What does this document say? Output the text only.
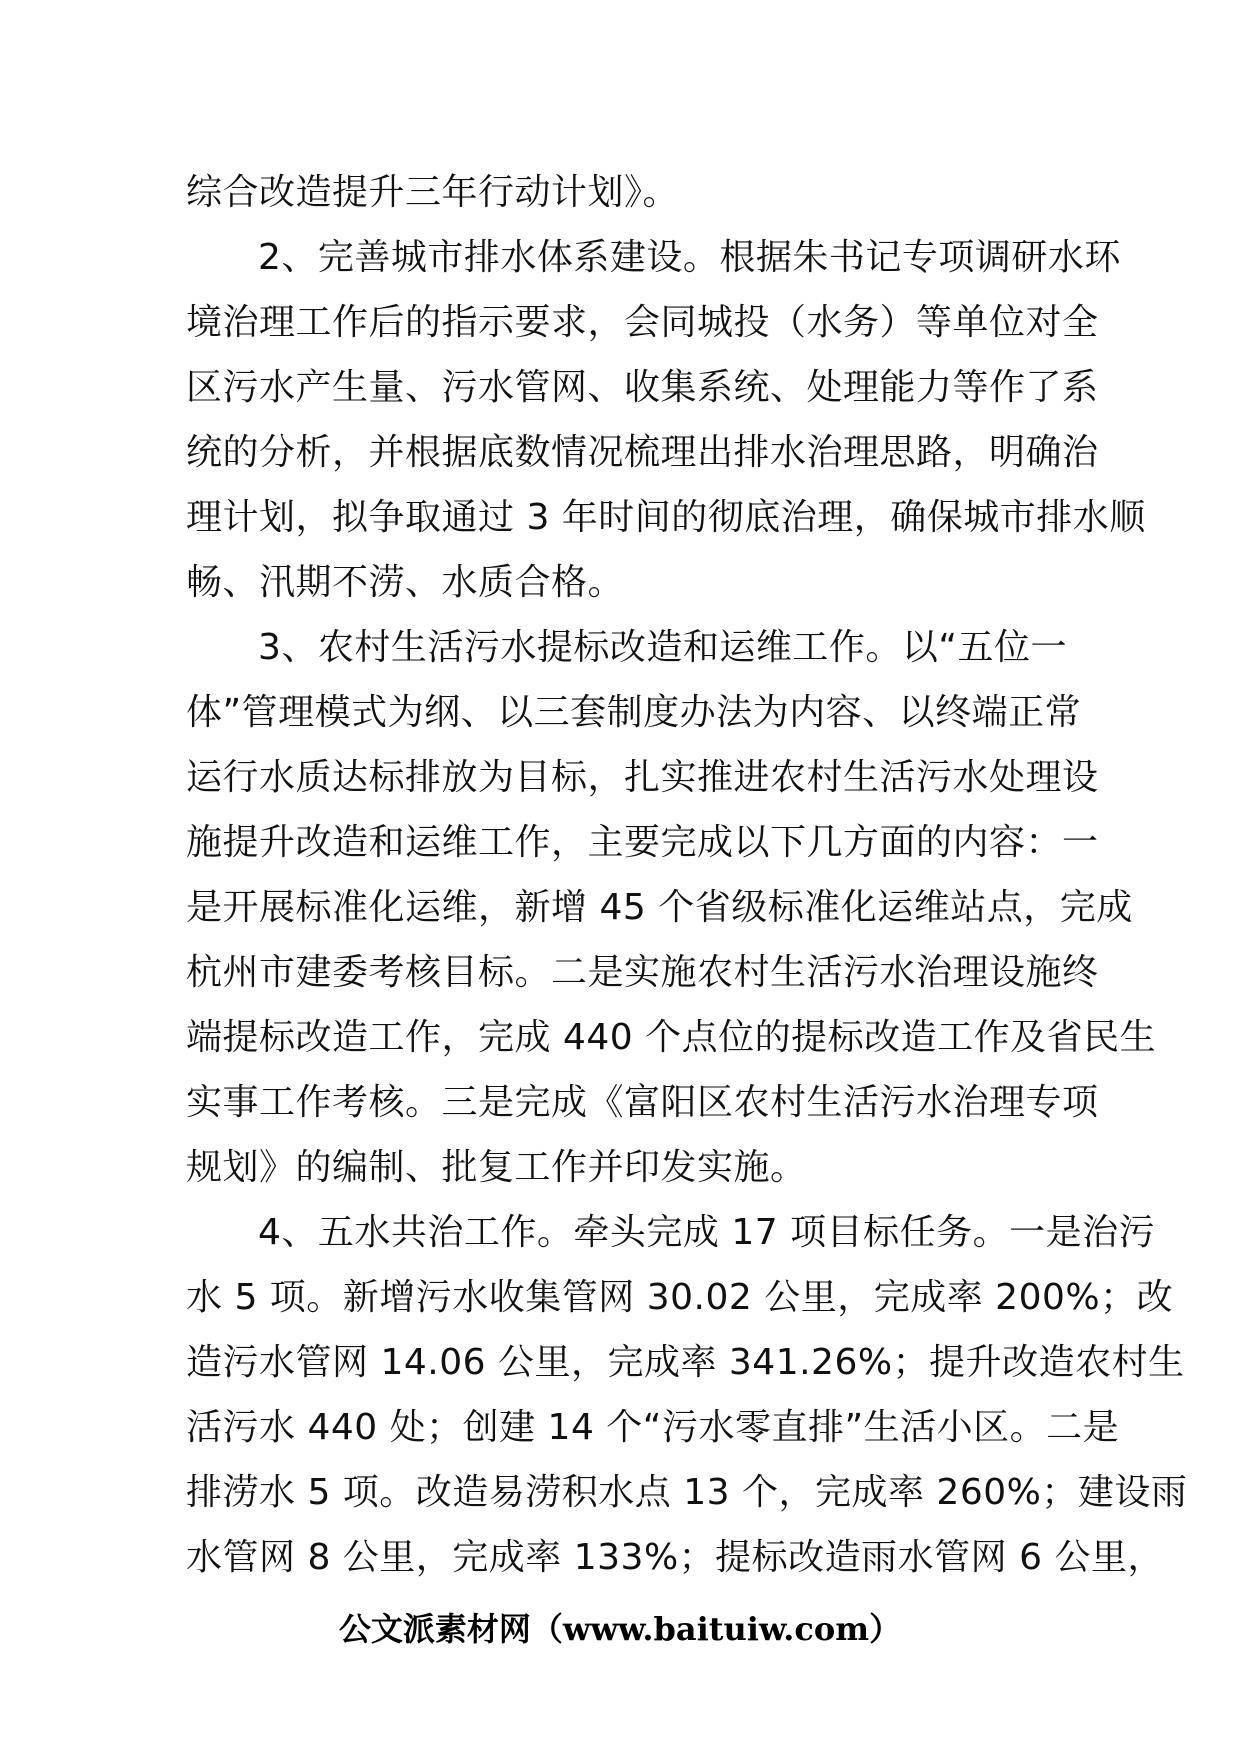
综合改造提升三年行动计划》。
2、完善城市排水体系建设。根据朱书记专项调研水环
境治理工作后的指示要求，会同城投（水务）等单位对全
区污水产生量、污水管网、收集系统、处理能力等作了系
统的分析，并根据底数情况梳理出排水治理思路，明确治
理计划，拟争取通过 3 年时间的彻底治理，确保城市排水顺
畅、汛期不涝、水质合格。
3、农村生活污水提标改造和运维工作。以“五位一
体”管理模式为纲、以三套制度办法为内容、以终端正常
运行水质达标排放为目标，扎实推进农村生活污水处理设
施提升改造和运维工作，主要完成以下几方面的内容：一
是开展标准化运维，新增 45 个省级标准化运维站点，完成
杭州市建委考核目标。二是实施农村生活污水治理设施终
端提标改造工作，完成 440 个点位的提标改造工作及省民生
实事工作考核。三是完成《富阳区农村生活污水治理专项
规划》的编制、批复工作并印发实施。
4、五水共治工作。牵头完成 17 项目标任务。一是治污
水 5 项。新增污水收集管网 30.02 公里，完成率 200%；改
造污水管网 14.06 公里，完成率 341.26%；提升改造农村生
活污水 440 处；创建 14 个“污水零直排”生活小区。二是
排涝水 5 项。改造易涝积水点 13 个，完成率 260%；建设雨
水管网 8 公里，完成率 133%；提标改造雨水管网 6 公里，
公文派素材网（www.baituiw.com）
